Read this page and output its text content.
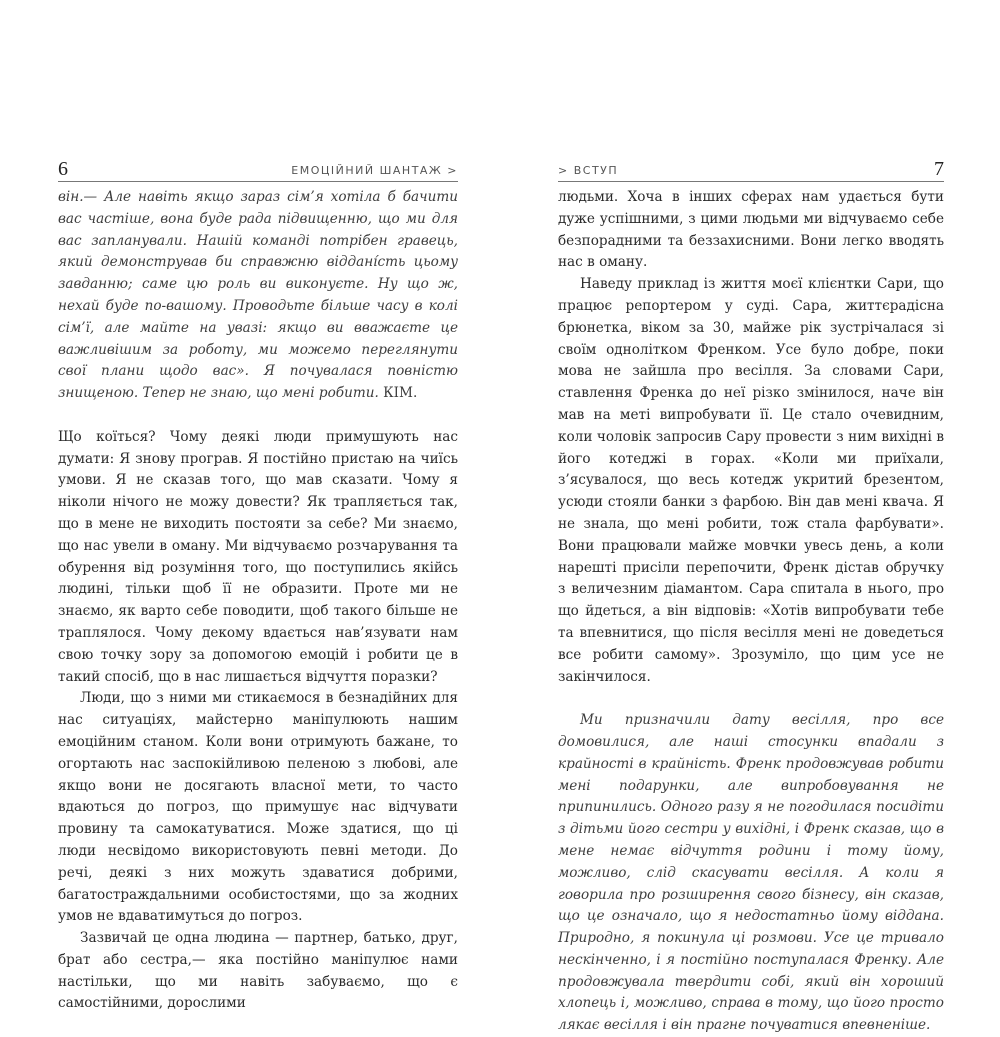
6	ЕМОЦІЙНИЙ ШАНТАЖ >

він.— Але навіть якщо зараз сім’я хотіла б бачити вас частіше, вона буде рада підвищенню, що ми для вас запланували. Нашій команді потрібен гравець, який демонстрував би справжню віддані́сть цьому завданню; саме цю роль ви виконуєте. Ну що ж, нехай буде по-вашому. Проводьте більше часу в колі сім’ї, але майте на увазі: якщо ви вважаєте це важливішим за роботу, ми можемо переглянути свої плани щодо вас». Я почувалася повністю знищеною. Тепер не знаю, що мені робити. КІМ.

Що коїться? Чому деякі люди примушують нас думати: Я знову програв. Я постійно пристаю на чиїсь умови. Я не сказав того, що мав сказати. Чому я ніколи нічого не можу довести? Як трапляється так, що в мене не виходить постояти за себе? Ми знаємо, що нас увели в оману. Ми відчуваємо розчарування та обурення від розуміння того, що поступились якійсь людині, тільки щоб її не образити. Проте ми не знаємо, як варто себе поводити, щоб такого більше не траплялося. Чому декому вдається нав’язувати нам свою точку зору за допомогою емоцій і робити це в такий спосіб, що в нас лишається відчуття поразки?

Люди, що з ними ми стикаємося в безнадійних для нас ситуаціях, майстерно маніпулюють нашим емоційним станом. Коли вони отримують бажане, то огортають нас заспокійливою пеленою з любові, але якщо вони не досягають власної мети, то часто вдаються до погроз, що примушує нас відчувати провину та самокатуватися. Може здатися, що ці люди несвідомо використовують певні методи. До речі, деякі з них можуть здаватися добрими, багатостраждальними особистостями, що за жодних умов не вдаватимуться до погроз.

Зазвичай це одна людина — партнер, батько, друг, брат або сестра,— яка постійно маніпулює нами настільки, що ми навіть забуваємо, що є самостійними, дорослими

> ВСТУП	7

людьми. Хоча в інших сферах нам удається бути дуже успішними, з цими людьми ми відчуваємо себе безпорадними та беззахисними. Вони легко вводять нас в оману.

Наведу приклад із життя моєї клієнтки Сари, що працює репортером у суді. Сара, життєрадісна брюнетка, віком за 30, майже рік зустрічалася зі своїм однолітком Френком. Усе було добре, поки мова не зайшла про весілля. За словами Сари, ставлення Френка до неї різко змінилося, наче він мав на меті випробувати її. Це стало очевидним, коли чоловік запросив Сару провести з ним вихідні в його котеджі в горах. «Коли ми приїхали, з’ясувалося, що весь котедж укритий брезентом, усюди стояли банки з фарбою. Він дав мені квача. Я не знала, що мені робити, тож стала фарбувати». Вони працювали майже мовчки увесь день, а коли нарешті присіли перепочити, Френк дістав обручку з величезним діамантом. Сара спитала в нього, про що йдеться, а він відповів: «Хотів випробувати тебе та впевнитися, що після весілля мені не доведеться все робити самому». Зрозуміло, що цим усе не закінчилося.

Ми призначили дату весілля, про все домовилися, але наші стосунки впадали з крайності в крайність. Френк продовжував робити мені подарунки, але випробовування не припинились. Одного разу я не погодилася посидіти з дітьми його сестри у вихідні, і Френк сказав, що в мене немає відчуття родини і тому йому, можливо, слід скасувати весілля. А коли я говорила про розширення свого бізнесу, він сказав, що це означало, що я недостатньо йому віддана. Природно, я покинула ці розмови. Усе це тривало нескінченно, і я постійно поступалася Френку. Але продовжувала твердити собі, який він хороший хлопець і, можливо, справа в тому, що його просто лякає весілля і він прагне почуватися впевненіше.
